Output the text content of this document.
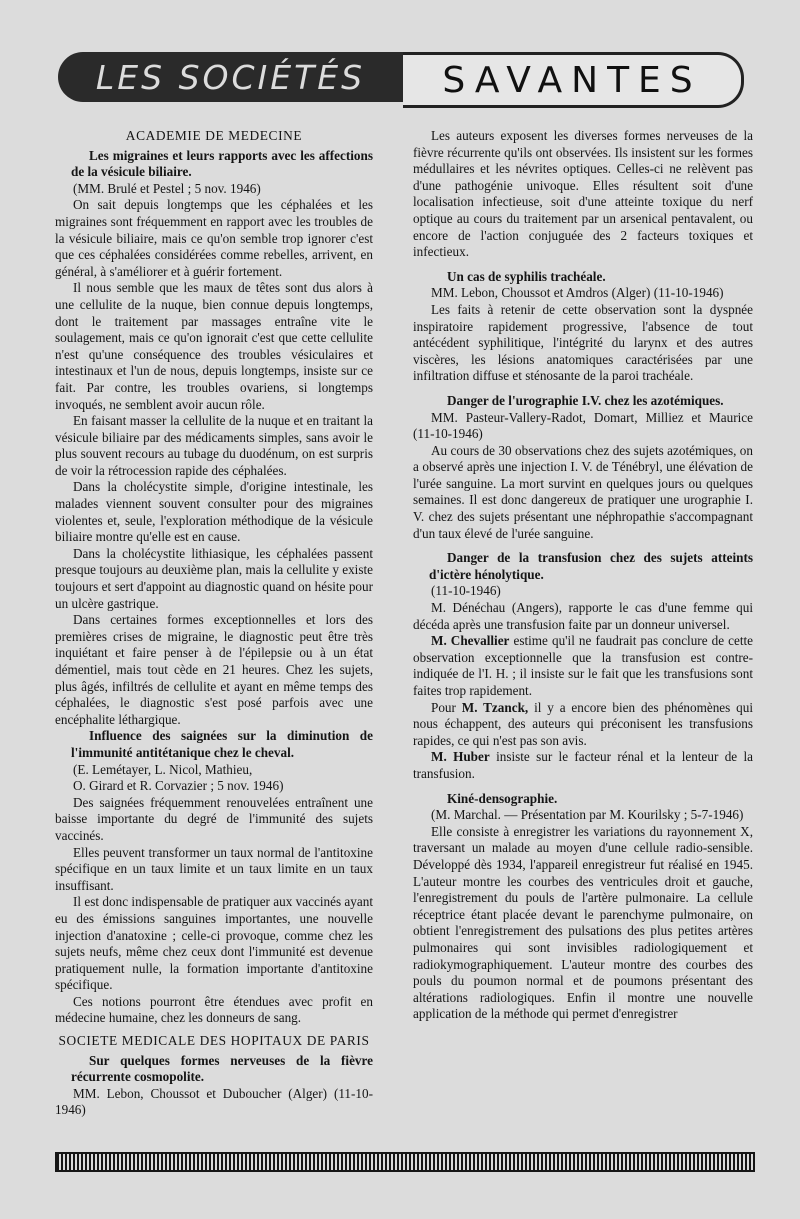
LES SOCIÉTÉS	SAVANTES
ACADEMIE DE MEDECINE

Les migraines et leurs rapports avec les affections de la vésicule biliaire.

(MM. Brulé et Pestel ; 5 nov. 1946)

On sait depuis longtemps que les céphalées et les migraines sont fréquemment en rapport avec les troubles de la vésicule biliaire, mais ce qu'on semble trop ignorer c'est que ces céphalées considérées comme rebelles, arrivent, en général, à s'améliorer et à guérir fortement.

Il nous semble que les maux de têtes sont dus alors à une cellulite de la nuque, bien connue depuis longtemps, dont le traitement par massages entraîne vite le soulagement, mais ce qu'on ignorait c'est que cette cellulite n'est qu'une conséquence des troubles vésiculaires et intestinaux et l'un de nous, depuis longtemps, insiste sur ce fait. Par contre, les troubles ovariens, si longtemps invoqués, ne semblent avoir aucun rôle.

En faisant masser la cellulite de la nuque et en traitant la vésicule biliaire par des médicaments simples, sans avoir le plus souvent recours au tubage du duodénum, on est surpris de voir la rétrocession rapide des céphalées.

Dans la cholécystite simple, d'origine intestinale, les malades viennent souvent consulter pour des migraines violentes et, seule, l'exploration méthodique de la vésicule biliaire montre qu'elle est en cause.

Dans la cholécystite lithiasique, les céphalées passent presque toujours au deuxième plan, mais la cellulite y existe toujours et sert d'appoint au diagnostic quand on hésite pour un ulcère gastrique.

Dans certaines formes exceptionnelles et lors des premières crises de migraine, le diagnostic peut être très inquiétant et faire penser à de l'épilepsie ou à un état démentiel, mais tout cède en 21 heures. Chez les sujets, plus âgés, infiltrés de cellulite et ayant en même temps des céphalées, le diagnostic s'est posé parfois avec une encéphalite léthargique.

Influence des saignées sur la diminution de l'immunité antitétanique chez le cheval.

(E. Lemétayer, L. Nicol, Mathieu,

O. Girard et R. Corvazier ; 5 nov. 1946)

Des saignées fréquemment renouvelées entraînent une baisse importante du degré de l'immunité des sujets vaccinés.

Elles peuvent transformer un taux normal de l'antitoxine spécifique en un taux limite et un taux limite en un taux insuffisant.

Il est donc indispensable de pratiquer aux vaccinés ayant eu des émissions sanguines importantes, une nouvelle injection d'anatoxine ; celle-ci provoque, comme chez les sujets neufs, même chez ceux dont l'immunité est devenue pratiquement nulle, la formation importante d'antitoxine spécifique.

Ces notions pourront être étendues avec profit en médecine humaine, chez les donneurs de sang.

SOCIETE MEDICALE DES HOPITAUX DE PARIS

Sur quelques formes nerveuses de la fièvre récurrente cosmopolite.

MM. Lebon, Choussot et Duboucher (Alger) (11-10-1946)

Les auteurs exposent les diverses formes nerveuses de la fièvre récurrente qu'ils ont observées. Ils insistent sur les formes médullaires et les névrites optiques. Celles-ci ne relèvent pas d'une pathogénie univoque. Elles résultent soit d'une localisation infectieuse, soit d'une atteinte toxique du nerf optique au cours du traitement par un arsenical pentavalent, ou encore de l'action conjuguée des 2 facteurs toxiques et infectieux.

Un cas de syphilis trachéale.

MM. Lebon, Choussot et Amdros (Alger) (11-10-1946)

Les faits à retenir de cette observation sont la dyspnée inspiratoire rapidement progressive, l'absence de tout antécédent syphilitique, l'intégrité du larynx et des autres viscères, les lésions anatomiques caractérisées par une infiltration diffuse et sténosante de la paroi trachéale.

Danger de l'urographie I.V. chez les azotémiques.

MM. Pasteur-Vallery-Radot, Domart, Milliez et Maurice (11-10-1946)

Au cours de 30 observations chez des sujets azotémiques, on a observé après une injection I. V. de Ténébryl, une élévation de l'urée sanguine. La mort survint en quelques jours ou quelques semaines. Il est donc dangereux de pratiquer une urographie I. V. chez des sujets présentant une néphropathie s'accompagnant d'un taux élevé de l'urée sanguine.

Danger de la transfusion chez des sujets atteints d'ictère hénolytique.

(11-10-1946)

M. Dénéchau (Angers), rapporte le cas d'une femme qui décéda après une transfusion faite par un donneur universel.

M. Chevallier estime qu'il ne faudrait pas conclure de cette observation exceptionnelle que la transfusion est contre-indiquée de l'I. H. ; il insiste sur le fait que les transfusions sont faites trop rapidement.

Pour M. Tzanck, il y a encore bien des phénomènes qui nous échappent, des auteurs qui préconisent les transfusions rapides, ce qui n'est pas son avis.

M. Huber insiste sur le facteur rénal et la lenteur de la transfusion.

Kiné-densographie.

(M. Marchal. — Présentation par M. Kourilsky ; 5-7-1946)

Elle consiste à enregistrer les variations du rayonnement X, traversant un malade au moyen d'une cellule radio-sensible. Développé dès 1934, l'appareil enregistreur fut réalisé en 1945. L'auteur montre les courbes des ventricules droit et gauche, l'enregistrement du pouls de l'artère pulmonaire. La cellule réceptrice étant placée devant le parenchyme pulmonaire, on obtient l'enregistrement des pulsations des plus petites artères pulmonaires qui sont invisibles radiologiquement et radiokymographiquement. L'auteur montre des courbes des pouls du poumon normal et de poumons présentant des altérations radiologiques. Enfin il montre une nouvelle application de la méthode qui permet d'enregistrer
